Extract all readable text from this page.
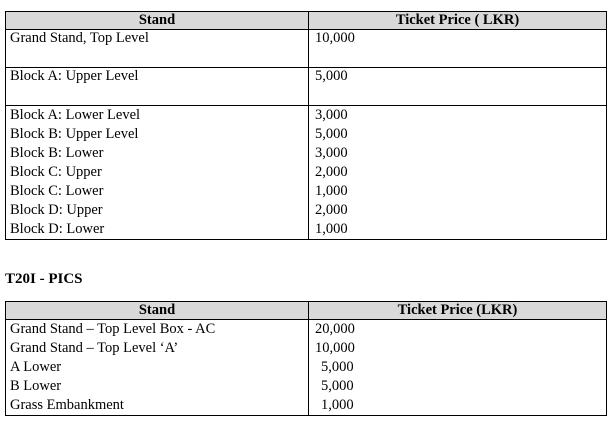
Stand	Ticket Price ( LKR)
Grand Stand, Top Level	10,000
Block A: Upper Level	5,000
Block A: Lower Level	3,000
Block B: Upper Level	5,000
Block B: Lower	3,000
Block C: Upper	2,000
Block C: Lower	1,000
Block D: Upper	2,000
Block D: Lower	1,000
T20I - PICS
Stand	Ticket Price (LKR)
Grand Stand – Top Level Box - AC	20,000
Grand Stand – Top Level ‘A’	10,000
A Lower	5,000
B Lower	5,000
Grass Embankment	1,000
